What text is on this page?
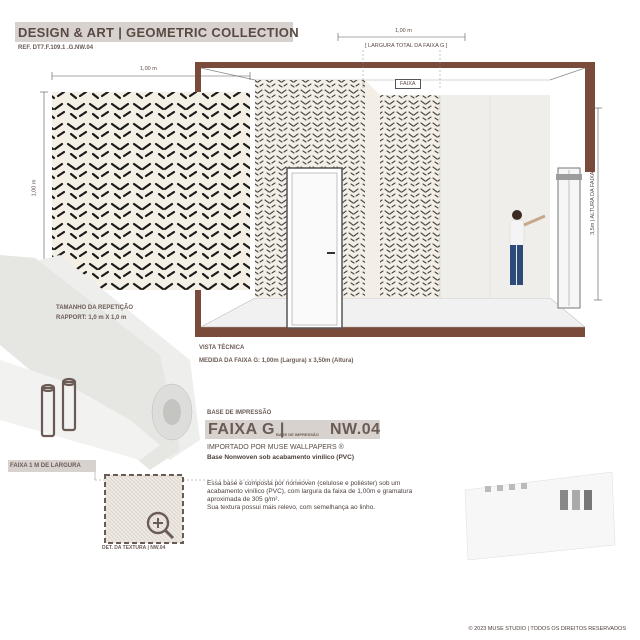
DESIGN & ART | GEOMETRIC COLLECTION
REF. DT7.F.109.1 .G.NW.04
1,00 m
1,00 m
TAMANHO DA REPETIÇÃO
RAPPORT: 1,0 m X 1,0 m
1,00 m
[ LARGURA TOTAL DA FAIXA G ]
FAIXA
3,5m | ALTURA DA FAIXA G |
VISTA TÉCNICA
MEDIDA DA FAIXA G: 1,00m (Largura) x 3,50m (Altura)
BASE DE IMPRESSÃO
FAIXA G |
BASE DE IMPRESSÃO NW.04
IMPORTADO POR MUSE WALLPAPERS ®
Base Nonwoven sob acabamento vinílico (PVC)
Essa base é composta por nonwoven (celulose e poliéster) sob um
acabamento vinílico (PVC), com largura da faixa de 1,00m e gramatura
aproximada de 305 g/m².
Sua textura possui mais relevo, com semelhança ao linho.
FAIXA 1 M DE LARGURA
DET. DA TEXTURA | NW.04
© 2023 MUSE STUDIO | TODOS OS DIREITOS RESERVADOS
